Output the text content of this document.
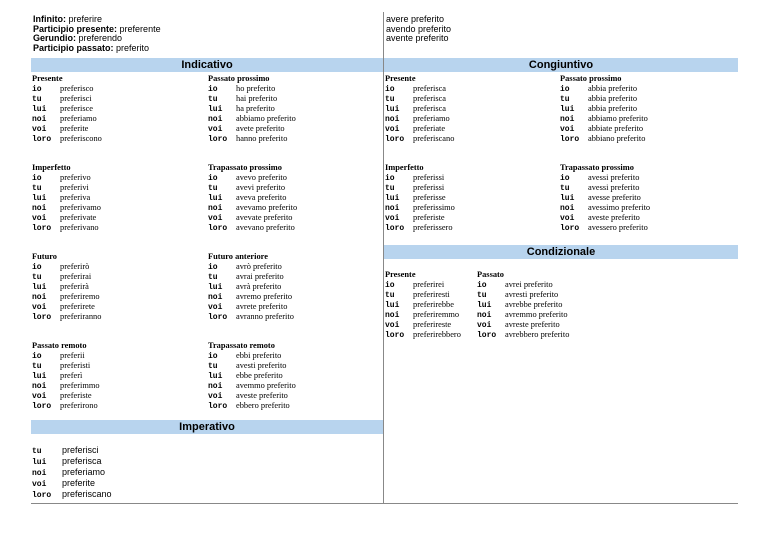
Infinito: preferire
Participio presente: preferente
Gerundio: preferendo
Participio passato: preferito
avere preferito
avendo preferito
avente preferito
Indicativo	Congiuntivo
Condizionale
Imperativo
Presente
io preferisco
tu preferisci
lui preferisce
noi preferiamo
voi preferite
loro preferiscono
Passato prossimo
io ho preferito
tu hai preferito
lui ha preferito
noi abbiamo preferito
voi avete preferito
loro hanno preferito
Imperfetto
io preferivo
tu preferivi
lui preferiva
noi preferivamo
voi preferivate
loro preferivano
Trapassato prossimo
io avevo preferito
tu avevi preferito
lui aveva preferito
noi avevamo preferito
voi avevate preferito
loro avevano preferito
Futuro
io preferirò
tu preferirai
lui preferirà
noi preferiremo
voi preferirete
loro preferiranno
Futuro anteriore
io avrò preferito
tu avrai preferito
lui avrà preferito
noi avremo preferito
voi avrete preferito
loro avranno preferito
Passato remoto
io preferii
tu preferisti
lui preferì
noi preferimmo
voi preferiste
loro preferirono
Trapassato remoto
io ebbi preferito
tu avesti preferito
lui ebbe preferito
noi avemmo preferito
voi aveste preferito
loro ebbero preferito
Presente
io preferisca
tu preferisca
lui preferisca
noi preferiamo
voi preferiate
loro preferiscano
Passato prossimo
io abbia preferito
tu abbia preferito
lui abbia preferito
noi abbiamo preferito
voi abbiate preferito
loro abbiano preferito
Imperfetto
io preferissi
tu preferissi
lui preferisse
noi preferissimo
voi preferiste
loro preferissero
Trapassato prossimo
io avessi preferito
tu avessi preferito
lui avesse preferito
noi avessimo preferito
voi aveste preferito
loro avessero preferito
Presente
io preferirei
tu preferiresti
lui preferirebbe
noi preferiremmo
voi preferireste
loro preferirebbero
Passato
io avrei preferito
tu avresti preferito
lui avrebbe preferito
noi avremmo preferito
voi avreste preferito
loro avrebbero preferito
tu preferisci
lui preferisca
noi preferiamo
voi preferite
loro preferiscano
